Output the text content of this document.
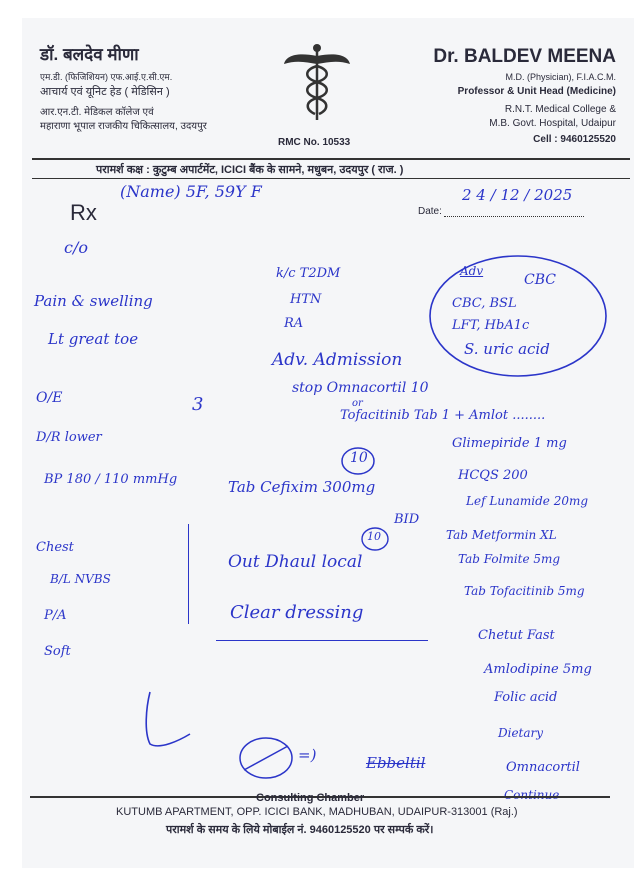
डॉ. बलदेव मीणा
एम.डी. (फिजिशियन) एफ.आई.ए.सी.एम.
आचार्य एवं यूनिट हेड ( मेडिसिन )
आर.एन.टी. मेडिकल कॉलेज एवं
महाराणा भूपाल राजकीय चिकित्सालय, उदयपुर
RMC No. 10533
Dr. BALDEV MEENA
M.D. (Physician), F.I.A.C.M.
Professor & Unit Head (Medicine)
R.N.T. Medical College &
M.B. Govt. Hospital, Udaipur
Cell : 9460125520
परामर्श कक्ष : कुटुम्ब अपार्टमेंट, ICICI बैंक के सामने, मधुबन, उदयपुर ( राज. )
Rx	Date:
(Name) 5F, 59Y F	2 4 / 12 / 2025
c/o
Pain & swelling
Lt great toe
k/c T2DM
HTN
RA
Adv
CBC
CBC, BSL
LFT, HbA1c
S. uric acid
Adv. Admission
stop Omnacortil 10
or
Tofacitinib Tab 1 + Amlot ........
O/E	3
D/R lower
BP 180 / 110 mmHg
Glimepiride 1 mg
HCQS 200
Lef Lunamide 20mg
10
Tab Cefixim 300mg
Chest
B/L NVBS
BID
Tab Metformin XL
Tab Folmite 5mg
10
Out Dhaul local
Tab Tofacitinib 5mg
P/A	Clear dressing
Soft
Chetut Fast
Amlodipine 5mg
Folic acid
Dietary
Omnacortil
Continue
=)	Ebbeltil
Consulting Chamber
KUTUMB APARTMENT, OPP. ICICI BANK, MADHUBAN, UDAIPUR-313001 (Raj.)
परामर्श के समय के लिये मोबाईल नं. 9460125520 पर सम्पर्क करें।
